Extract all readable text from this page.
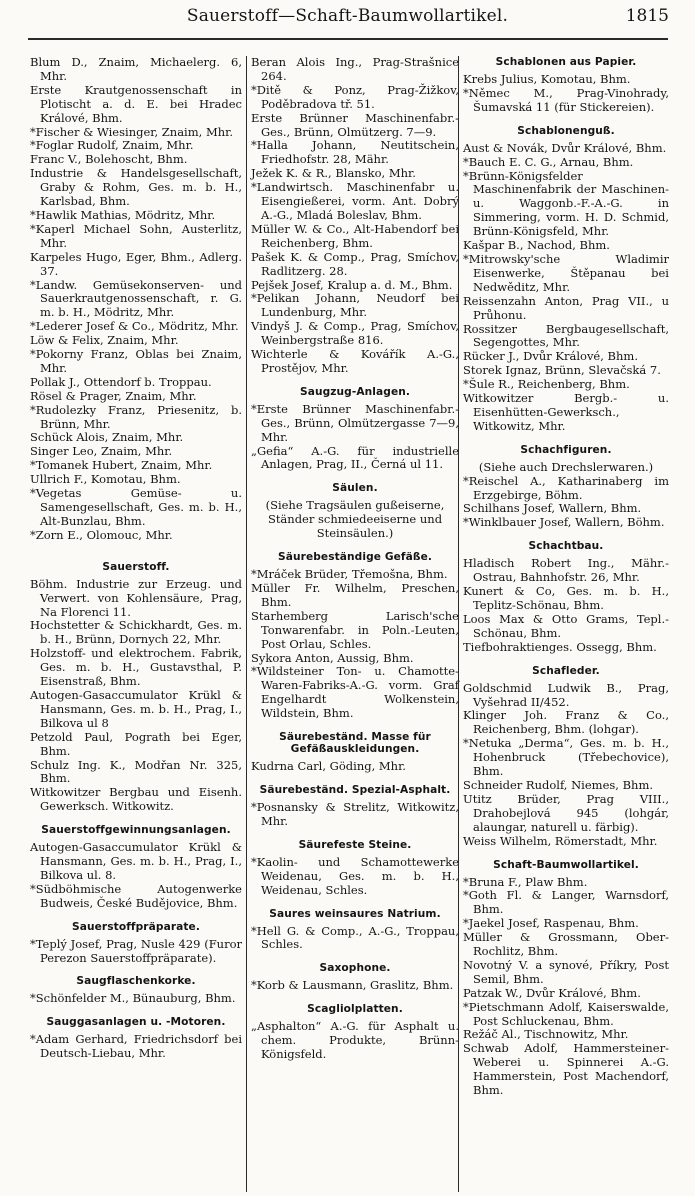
Sauerstoff—Schaft-Baumwollartikel.	1815
Blum D., Znaim, Michaelerg. 6, Mhr.
Erste Krautgenossenschaft in Plotischt a. d. E. bei Hradec Králové, Bhm.
*Fischer & Wiesinger, Znaim, Mhr.
*Foglar Rudolf, Znaim, Mhr.
Franc V., Bolehoscht, Bhm.
Industrie & Handelsgesellschaft, Graby & Rohm, Ges. m. b. H., Karlsbad, Bhm.
*Hawlik Mathias, Mödritz, Mhr.
*Kaperl Michael Sohn, Austerlitz, Mhr.
Karpeles Hugo, Eger, Bhm., Adlerg. 37.
*Landw. Gemüsekonserven- und Sauerkrautgenossenschaft, r. G. m. b. H., Mödritz, Mhr.
*Lederer Josef & Co., Mödritz, Mhr.
Löw & Felix, Znaim, Mhr.
*Pokorny Franz, Oblas bei Znaim, Mhr.
Pollak J., Ottendorf b. Troppau.
Rösel & Prager, Znaim, Mhr.
*Rudolezky Franz, Priesenitz, b. Brünn, Mhr.
Schück Alois, Znaim, Mhr.
Singer Leo, Znaim, Mhr.
*Tomanek Hubert, Znaim, Mhr.
Ullrich F., Komotau, Bhm.
*Vegetas Gemüse- u. Samengesellschaft, Ges. m. b. H., Alt-Bunzlau, Bhm.
*Zorn E., Olomouc, Mhr.
Sauerstoff.
Böhm. Industrie zur Erzeug. und Verwert. von Kohlensäure, Prag, Na Florenci 11.
Hochstetter & Schickhardt, Ges. m. b. H., Brünn, Dornych 22, Mhr.
Holzstoff- und elektrochem. Fabrik, Ges. m. b. H., Gustavsthal, P. Eisenstraß, Bhm.
Autogen-Gasaccumulator Krükl & Hansmann, Ges. m. b. H., Prag, I., Bilkova ul 8
Petzold Paul, Pograth bei Eger, Bhm.
Schulz Ing. K., Modřan Nr. 325, Bhm.
Witkowitzer Bergbau und Eisenh. Gewerksch. Witkowitz.
Sauerstoffgewinnungsanlagen.
Autogen-Gasaccumulator Krükl & Hansmann, Ges. m. b. H., Prag, I., Bilkova ul. 8.
*Südböhmische Autogenwerke Budweis, České Budějovice, Bhm.
Sauerstoffpräparate.
*Teplý Josef, Prag, Nusle 429 (Furor Perezon Sauerstoffpräparate).
Saugflaschenkorke.
*Schönfelder M., Bünauburg, Bhm.
Sauggasanlagen u. -Motoren.
*Adam Gerhard, Friedrichsdorf bei Deutsch-Liebau, Mhr.
Beran Alois Ing., Prag-Strašnice 264.
*Ditě & Ponz, Prag-Žižkov, Poděbradova tř. 51.
Erste Brünner Maschinenfabr.-Ges., Brünn, Olmützerg. 7—9.
*Halla Johann, Neutitschein, Friedhofstr. 28, Mähr.
Ježek K. & R., Blansko, Mhr.
*Landwirtsch. Maschinenfabr u. Eisengießerei, vorm. Ant. Dobrý A.-G., Mladá Boleslav, Bhm.
Müller W. & Co., Alt-Habendorf bei Reichenberg, Bhm.
Pašek K. & Comp., Prag, Smíchov, Radlitzerg. 28.
Pejšek Josef, Kralup a. d. M., Bhm.
*Pelikan Johann, Neudorf bei Lundenburg, Mhr.
Vindyš J. & Comp., Prag, Smíchov, Weinbergstraße 816.
Wichterle & Kovářík A.-G., Prostějov, Mhr.
Saugzug-Anlagen.
*Erste Brünner Maschinenfabr.-Ges., Brünn, Olmützergasse 7—9, Mhr.
„Gefia“ A.-G. für industrielle Anlagen, Prag, II., Černá ul 11.
Säulen.
(Siehe Tragsäulen gußeiserne, Ständer schmiedeeiserne und Steinsäulen.)
Säurebeständige Gefäße.
*Mráček Brüder, Třemošna, Bhm.
Müller Fr. Wilhelm, Preschen, Bhm.
Starhemberg Larisch'sche Tonwarenfabr. in Poln.-Leuten, Post Orlau, Schles.
Sykora Anton, Aussig, Bhm.
*Wildsteiner Ton- u. Chamotte-Waren-Fabriks-A.-G. vorm. Graf Engelhardt Wolkenstein, Wildstein, Bhm.
Säurebeständ. Masse für Gefäßauskleidungen.
Kudrna Carl, Göding, Mhr.
Säurebeständ. Spezial-Asphalt.
*Posnansky & Strelitz, Witkowitz, Mhr.
Säurefeste Steine.
*Kaolin- und Schamottewerke Weidenau, Ges. m. b. H., Weidenau, Schles.
Saures weinsaures Natrium.
*Hell G. & Comp., A.-G., Troppau, Schles.
Saxophone.
*Korb & Lausmann, Graslitz, Bhm.
Scagliolplatten.
„Asphalton“ A.-G. für Asphalt u. chem. Produkte, Brünn-Königsfeld.
Schablonen aus Papier.
Krebs Julius, Komotau, Bhm.
*Němec M., Prag-Vinohrady, Šumavská 11 (für Stickereien).
Schablonenguß.
Aust & Novák, Dvůr Králové, Bhm.
*Bauch E. C. G., Arnau, Bhm.
*Brünn-Königsfelder Maschinenfabrik der Maschinen- u. Waggonb.-F.-A.-G. in Simmering, vorm. H. D. Schmid, Brünn-Königsfeld, Mhr.
Kašpar B., Nachod, Bhm.
*Mitrowsky'sche Wladimir Eisenwerke, Štěpanau bei Nedwěditz, Mhr.
Reissenzahn Anton, Prag VII., u Průhonu.
Rossitzer Bergbaugesellschaft, Segengottes, Mhr.
Rücker J., Dvůr Králové, Bhm.
Storek Ignaz, Brünn, Slevačská 7.
*Šule R., Reichenberg, Bhm.
Witkowitzer Bergb.- u. Eisenhütten-Gewerksch., Witkowitz, Mhr.
Schachfiguren.
(Siehe auch Drechslerwaren.)
*Reischel A., Katharinaberg im Erzgebirge, Böhm.
Schilhans Josef, Wallern, Bhm.
*Winklbauer Josef, Wallern, Böhm.
Schachtbau.
Hladisch Robert Ing., Mähr.-Ostrau, Bahnhofstr. 26, Mhr.
Kunert & Co, Ges. m. b. H., Teplitz-Schönau, Bhm.
Loos Max & Otto Grams, Tepl.-Schönau, Bhm.
Tiefbohraktienges. Ossegg, Bhm.
Schafleder.
Goldschmid Ludwik B., Prag, Vyšehrad II/452.
Klinger Joh. Franz & Co., Reichenberg, Bhm. (lohgar).
*Netuka „Derma“, Ges. m. b. H., Hohenbruck (Třebechovice), Bhm.
Schneider Rudolf, Niemes, Bhm.
Utitz Brüder, Prag VIII., Drahobejlová 945 (lohgár, alaungar, naturell u. färbig).
Weiss Wilhelm, Römerstadt, Mhr.
Schaft-Baumwollartikel.
*Bruna F., Plaw Bhm.
*Goth Fl. & Langer, Warnsdorf, Bhm.
*Jaekel Josef, Raspenau, Bhm.
Müller & Grossmann, Ober-Rochlitz, Bhm.
Novotný V. a synové, Příkry, Post Semil, Bhm.
Patzak W., Dvůr Králové, Bhm.
*Pietschmann Adolf, Kaiserswalde, Post Schluckenau, Bhm.
Režáč Al., Tischnowitz, Mhr.
Schwab Adolf, Hammersteiner-Weberei u. Spinnerei A.-G. Hammerstein, Post Machendorf, Bhm.
